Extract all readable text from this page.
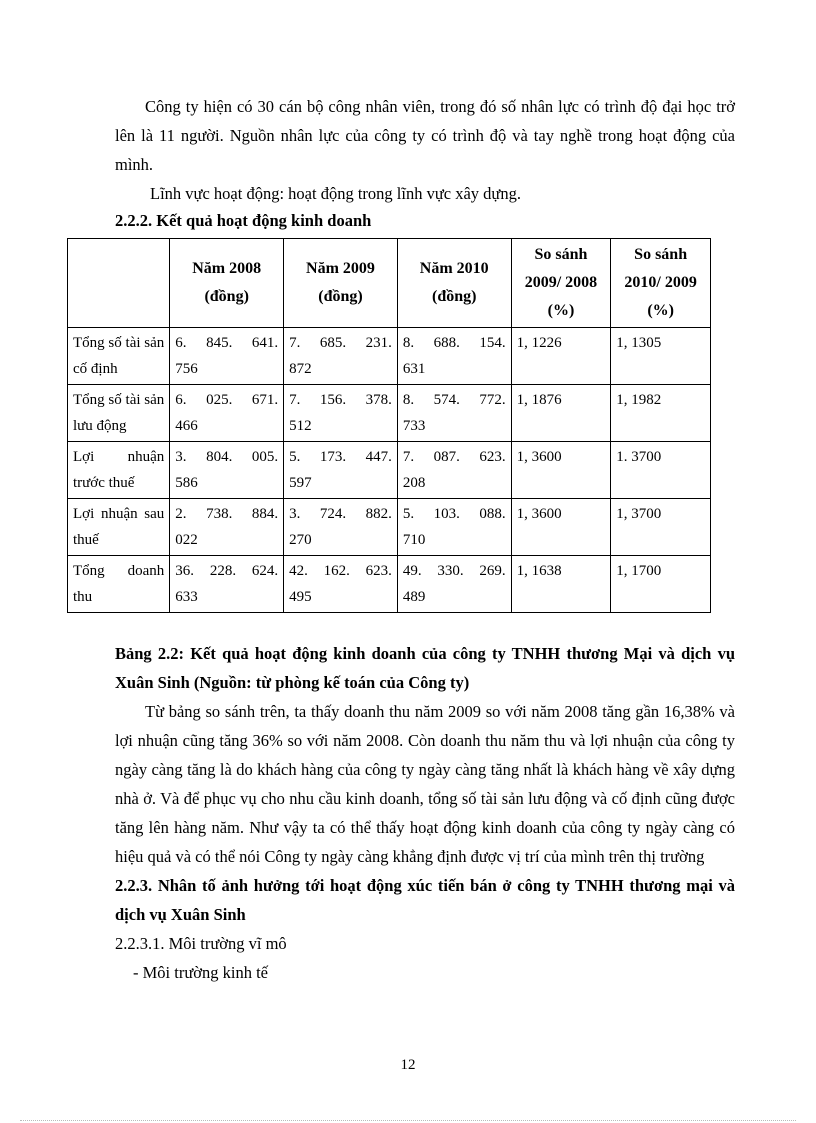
Công ty hiện có 30 cán bộ công nhân viên, trong đó số nhân lực có trình độ đại học trở lên là 11 người. Nguồn nhân lực của công ty có trình độ và tay nghề trong hoạt động của mình.

Lĩnh vực hoạt động: hoạt động trong lĩnh vực xây dựng.

2.2.2. Kết quả hoạt động kinh doanh

	Năm 2008 (đồng)	Năm 2009 (đồng)	Năm 2010 (đồng)	So sánh 2009/ 2008 (%)	So sánh 2010/ 2009 (%)
Tổng số tài sản cố định	6. 845. 641. 756	7. 685. 231. 872	8. 688. 154. 631	1, 1226	1, 1305
Tổng số tài sản lưu động	6. 025. 671. 466	7. 156. 378. 512	8. 574. 772. 733	1, 1876	1, 1982
Lợi nhuận trước thuế	3. 804. 005. 586	5. 173. 447. 597	7. 087. 623. 208	1, 3600	1. 3700
Lợi nhuận sau thuế	2. 738. 884. 022	3. 724. 882. 270	5. 103. 088. 710	1, 3600	1, 3700
Tổng doanh thu	36. 228. 624. 633	42. 162. 623. 495	49. 330. 269. 489	1, 1638	1, 1700

Bảng 2.2: Kết quả hoạt động kinh doanh của công ty TNHH thương Mại và dịch vụ Xuân Sinh (Nguồn: từ phòng kế toán của Công ty)

Từ bảng so sánh trên, ta thấy doanh thu năm 2009 so với năm 2008 tăng gần 16,38% và lợi nhuận cũng tăng 36% so với năm 2008. Còn doanh thu năm thu và lợi nhuận của công ty ngày càng tăng là do khách hàng của công ty ngày càng tăng nhất là khách hàng về xây dựng nhà ở. Và để phục vụ cho nhu cầu kinh doanh, tổng số tài sản lưu động và cố định cũng được tăng lên hàng năm. Như vậy ta có thể thấy hoạt động kinh doanh của công ty ngày càng có hiệu quả và có thể nói Công ty ngày càng khẳng định được vị trí của mình trên thị trường

2.2.3. Nhân tố ảnh hưởng tới hoạt động xúc tiến bán ở công ty TNHH thương mại và dịch vụ Xuân Sinh

2.2.3.1. Môi trường vĩ mô

- Môi trường kinh tế

12
